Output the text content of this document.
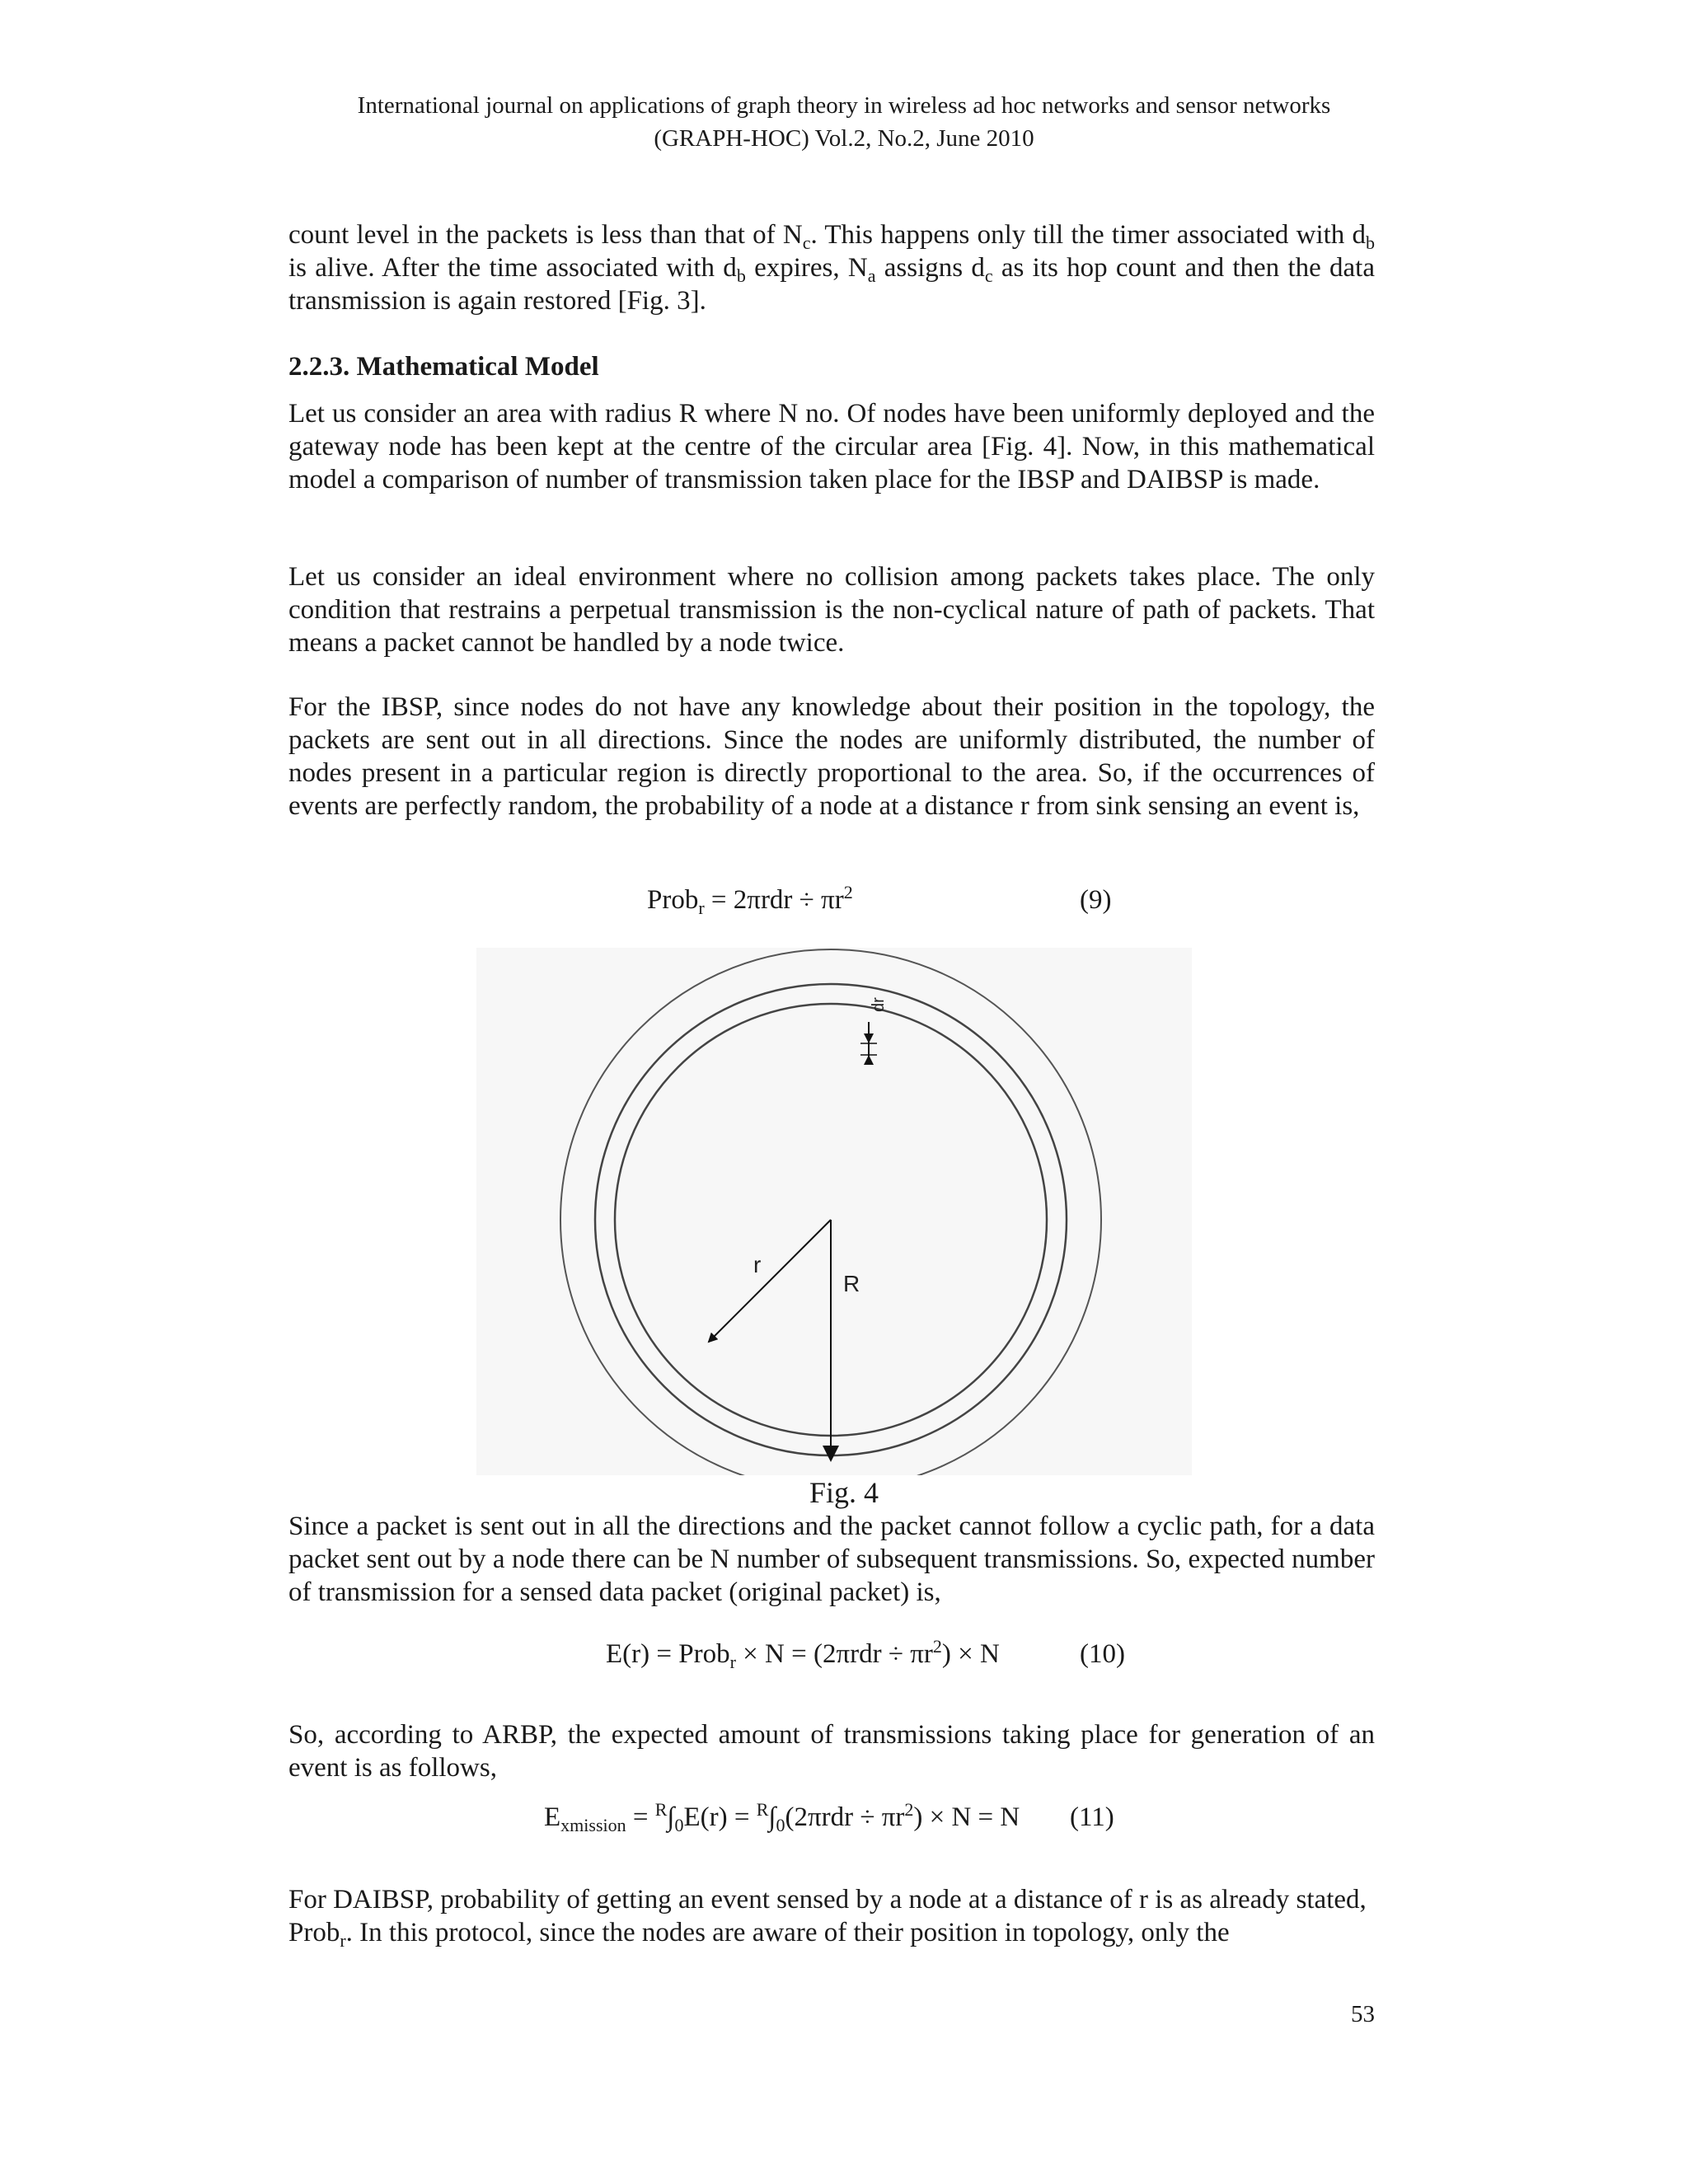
International journal on applications of graph theory in wireless ad hoc networks and sensor networks
(GRAPH-HOC) Vol.2, No.2, June 2010

count level in the packets is less than that of $N_c$. This happens only till the timer associated with $d_b$ is alive. After the time associated with $d_b$ expires, $N_a$ assigns $d_c$ as its hop count and then the data transmission is again restored [Fig. 3].

2.2.3. Mathematical Model

Let us consider an area with radius R where N no. Of nodes have been uniformly deployed and the gateway node has been kept at the centre of the circular area [Fig. 4]. Now, in this mathematical model a comparison of number of transmission taken place for the IBSP and DAIBSP is made.

Let us consider an ideal environment where no collision among packets takes place. The only condition that restrains a perpetual transmission is the non-cyclical nature of path of packets. That means a packet cannot be handled by a node twice.

For the IBSP, since nodes do not have any knowledge about their position in the topology, the packets are sent out in all directions. Since the nodes are uniformly distributed, the number of nodes present in a particular region is directly proportional to the area. So, if the occurrences of events are perfectly random, the probability of a node at a distance r from sink sensing an event is,

Prob$_r$ = $2\pi rdr \div \pi r^2$	(9)
r
R
dr
Fig. 4

Since a packet is sent out in all the directions and the packet cannot follow a cyclic path, for a data packet sent out by a node there can be N number of subsequent transmissions. So, expected number of transmission for a sensed data packet (original packet) is,

E(r) = Prob$_r$ × $N = (2\pi rdr \div \pi r^2) \times N$	(10)

So, according to ARBP, the expected amount of transmissions taking place for generation of an event is as follows,

$E_{xmission} = ^R\int_0E(r) = ^R\int_0(2\pi rdr \div \pi r^2) \times N = N$ (11)

For DAIBSP, probability of getting an event sensed by a node at a distance of r is as already stated, Prob$_r$. In this protocol, since the nodes are aware of their position in topology, only the

53
